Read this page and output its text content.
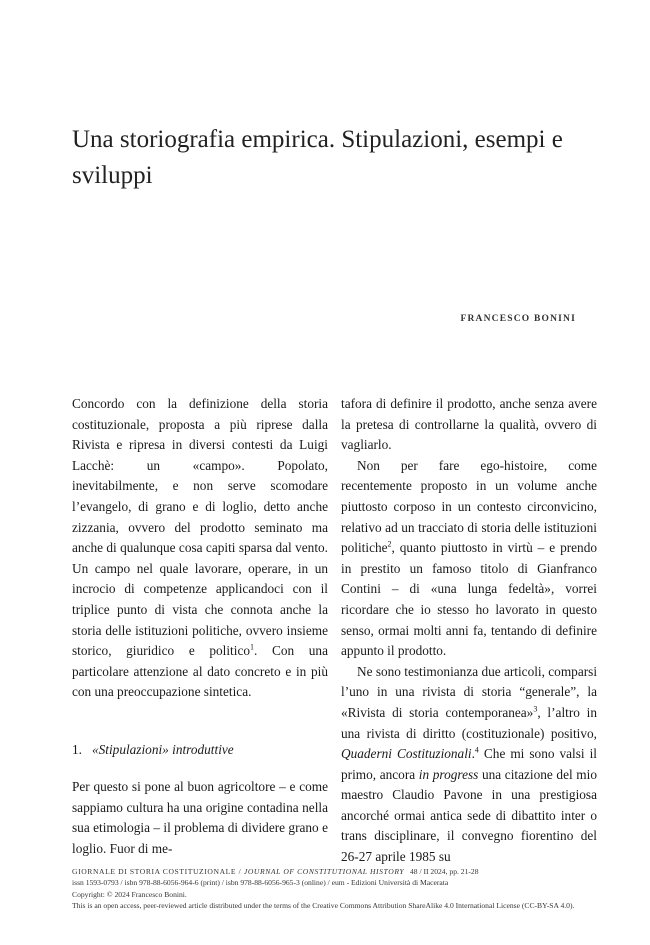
Una storiografia empirica. Stipulazioni, esempi e sviluppi
FRANCESCO BONINI

Concordo con la definizione della storia costituzionale, proposta a più riprese dalla Rivista e ripresa in diversi contesti da Luigi Lacchè: un «campo». Popolato, inevitabilmente, e non serve scomodare l’evangelo, di grano e di loglio, detto anche zizzania, ovvero del prodotto seminato ma anche di qualunque cosa capiti sparsa dal vento. Un campo nel quale lavorare, operare, in un incrocio di competenze applicandoci con il triplice punto di vista che connota anche la storia delle istituzioni politiche, ovvero insieme storico, giuridico e politico$^1$. Con una particolare attenzione al dato concreto e in più con una preoccupazione sintetica.

1. «Stipulazioni» introduttive

Per questo si pone al buon agricoltore – e come sappiamo cultura ha una origine contadina nella sua etimologia – il problema di dividere grano e loglio. Fuor di me-

tafora di definire il prodotto, anche senza avere la pretesa di controllarne la qualità, ovvero di vagliarlo.

Non per fare ego-histoire, come recentemente proposto in un volume anche piuttosto corposo in un contesto circonvicino, relativo ad un tracciato di storia delle istituzioni politiche$^2$, quanto piuttosto in virtù – e prendo in prestito un famoso titolo di Gianfranco Contini – di «una lunga fedeltà», vorrei ricordare che io stesso ho lavorato in questo senso, ormai molti anni fa, tentando di definire appunto il prodotto.

Ne sono testimonianza due articoli, comparsi l’uno in una rivista di storia “generale”, la «Rivista di storia contemporanea»$^3$, l’altro in una rivista di diritto (costituzionale) positivo, Quaderni Costituzionali.$^4$ Che mi sono valsi il primo, ancora in progress una citazione del mio maestro Claudio Pavone in una prestigiosa ancorché ormai antica sede di dibattito inter o trans disciplinare, il convegno fiorentino del 26-27 aprile 1985 su

GIORNALE DI STORIA COSTITUZIONALE / JOURNAL OF CONSTITUTIONAL HISTORY 48 / II 2024, pp. 21-28
issn 1593-0793 / isbn 978-88-6056-964-6 (print) / isbn 978-88-6056-965-3 (online) / eum - Edizioni Università di Macerata
Copyright: © 2024 Francesco Bonini.
This is an open access, peer-reviewed article distributed under the terms of the Creative Commons Attribution ShareAlike 4.0 International License (CC-BY-SA 4.0).
